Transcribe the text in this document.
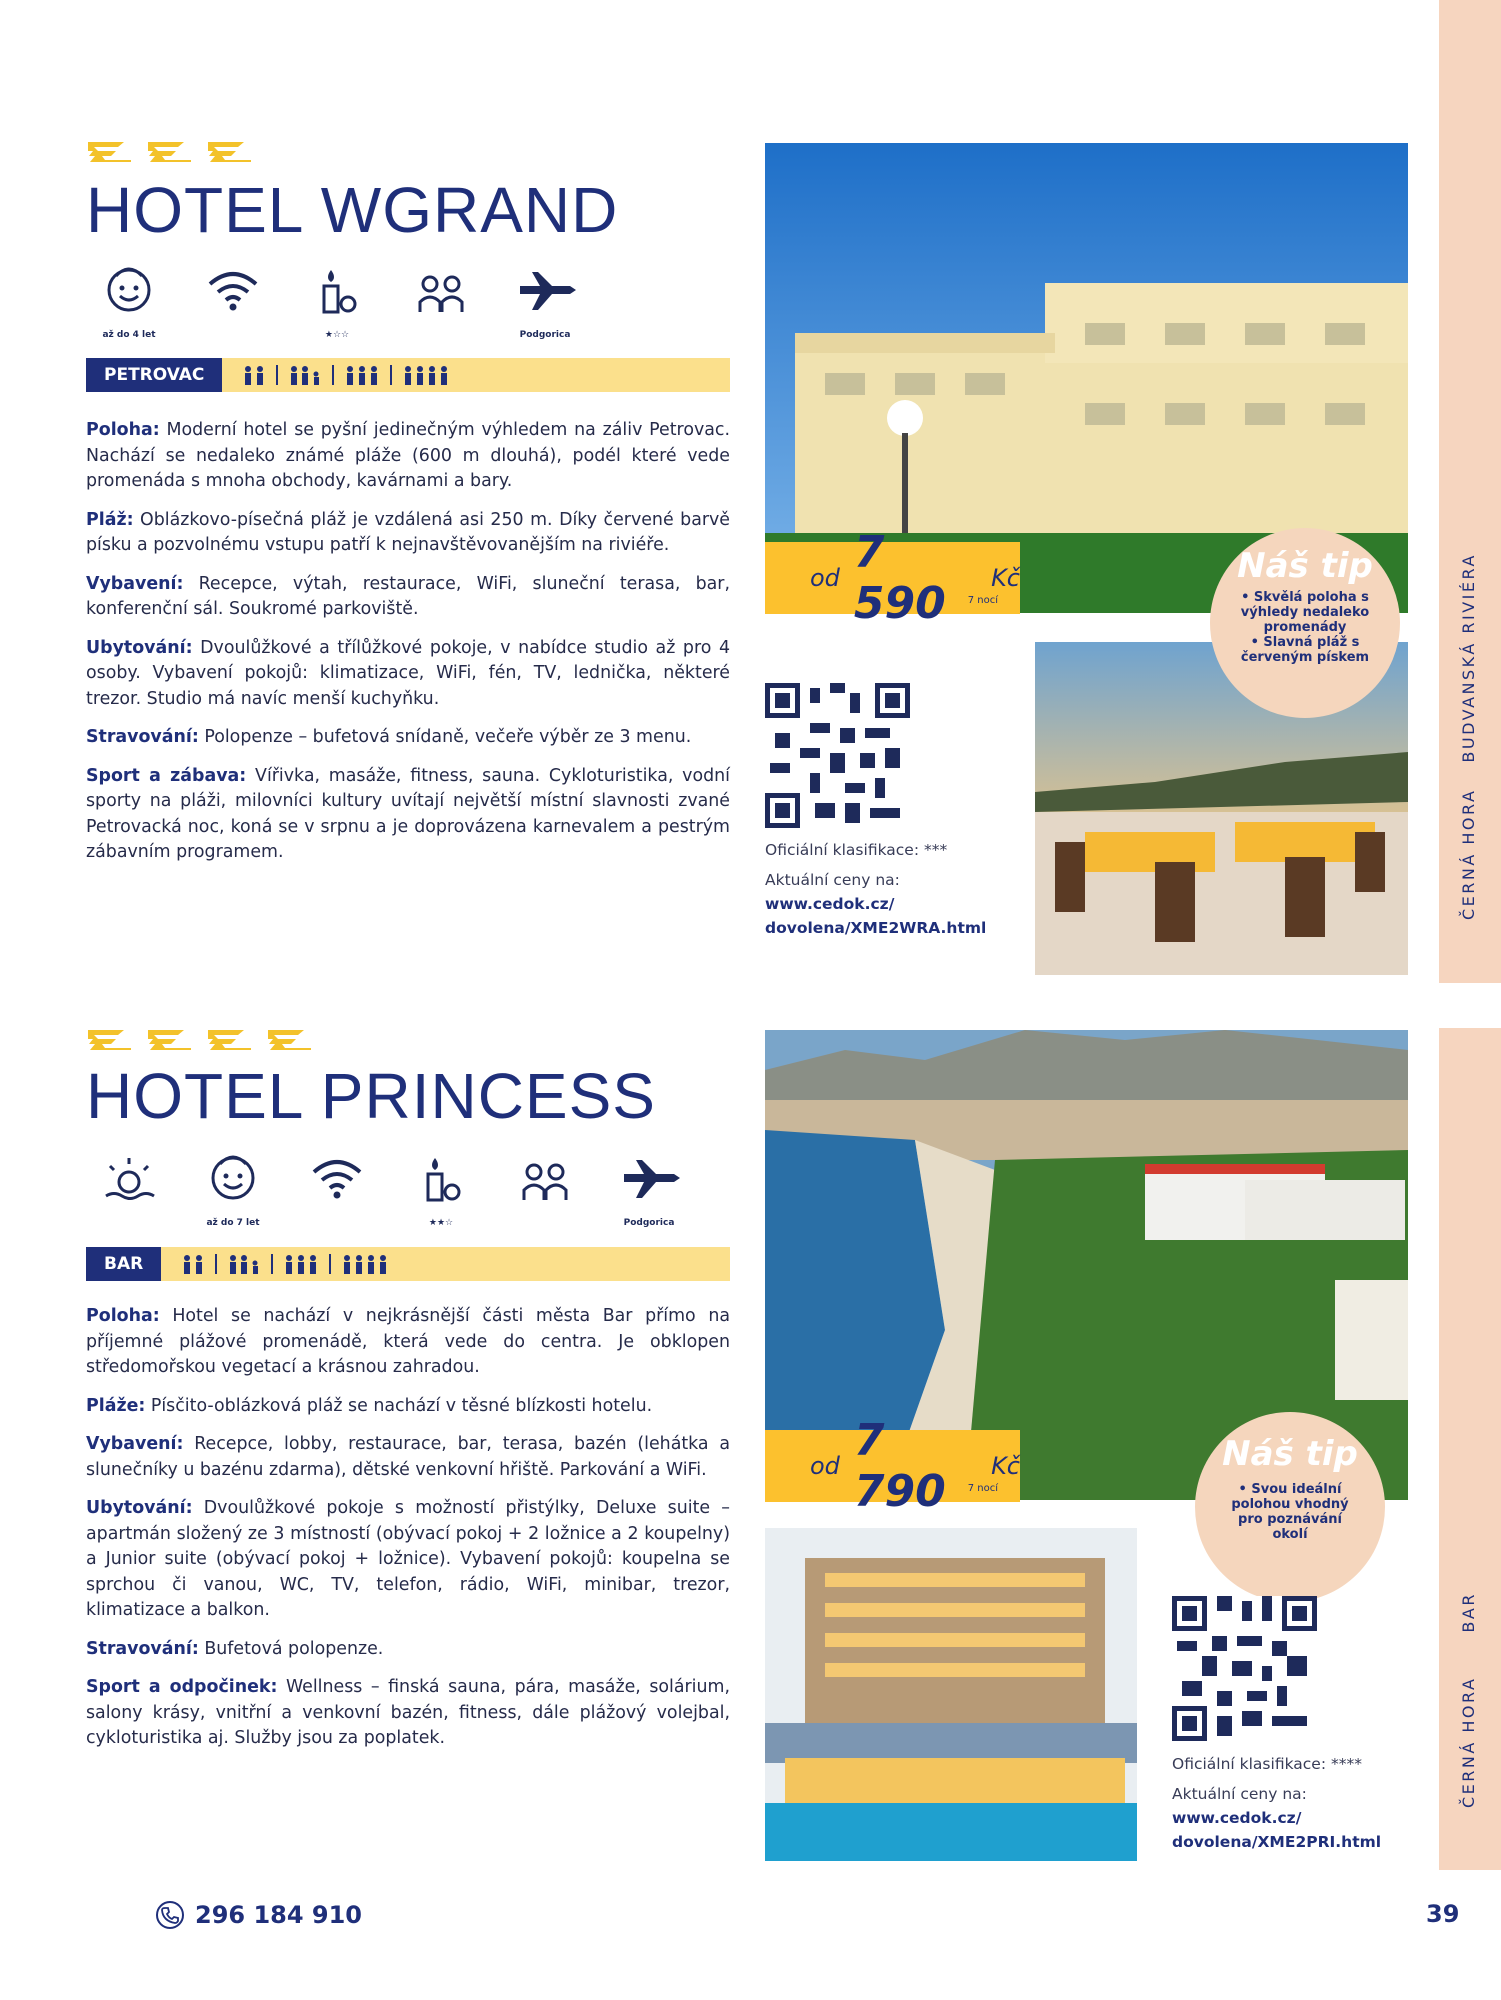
HOTEL WGRAND
až do 4 let	★☆☆	Podgorica
PETROVAC

Poloha: Moderní hotel se pyšní jedinečným výhledem na záliv Petrovac. Nachází se nedaleko známé pláže (600 m dlouhá), podél které vede promenáda s mnoha obchody, kavárnami a bary.

Pláž: Oblázkovo-písečná pláž je vzdálená asi 250 m. Díky červené barvě písku a pozvolnému vstupu patří k nejnavštěvovanějším na riviéře.

Vybavení: Recepce, výtah, restaurace, WiFi, sluneční terasa, bar, konferenční sál. Soukromé parkoviště.

Ubytování: Dvoulůžkové a třílůžkové pokoje, v nabídce studio až pro 4 osoby. Vybavení pokojů: klimatizace, WiFi, fén, TV, lednička, některé trezor. Studio má navíc menší kuchyňku.

Stravování: Polopenze – bufetová snídaně, večeře výběr ze 3 menu.

Sport a zábava: Vířivka, masáže, fitness, sauna. Cykloturistika, vodní sporty na pláži, milovníci kultury uvítají největší místní slavnosti zvané Petrovacká noc, koná se v srpnu a je doprovázena karnevalem a pestrým zábavním programem.

od 7 590	Kč
7 nocí
Náš tip
• Skvělá poloha s výhledy nedaleko promenády
• Slavná pláž s červeným pískem
Oficiální klasifikace: ***
Aktuální ceny na:
www.cedok.cz/
dovolena/XME2WRA.html
ČERNÁ HORABUDVANSKÁ RIVIÉRA
HOTEL PRINCESS
až do 7 let	★★☆	Podgorica
BAR

Poloha: Hotel se nachází v nejkrásnější části města Bar přímo na příjemné plážové promenádě, která vede do centra. Je obklopen středomořskou vegetací a krásnou zahradou.

Pláže: Písčito-oblázková pláž se nachází v těsné blízkosti hotelu.

Vybavení: Recepce, lobby, restaurace, bar, terasa, bazén (lehátka a slunečníky u bazénu zdarma), dětské venkovní hřiště. Parkování a WiFi.

Ubytování: Dvoulůžkové pokoje s možností přistýlky, Deluxe suite – apartmán složený ze 3 místností (obývací pokoj + 2 ložnice a 2 koupelny) a Junior suite (obývací pokoj + ložnice). Vybavení pokojů: koupelna se sprchou či vanou, WC, TV, telefon, rádio, WiFi, minibar, trezor, klimatizace a balkon.

Stravování: Bufetová polopenze.

Sport a odpočinek: Wellness – finská sauna, pára, masáže, solárium, salony krásy, vnitřní a venkovní bazén, fitness, dále plážový volejbal, cykloturistika aj. Služby jsou za poplatek.

od 7 790	Kč
7 nocí
Náš tip
• Svou ideální polohou vhodný pro poznávání okolí
Oficiální klasifikace: ****
Aktuální ceny na:
www.cedok.cz/
dovolena/XME2PRI.html
ČERNÁ HORABAR
296 184 910	39
